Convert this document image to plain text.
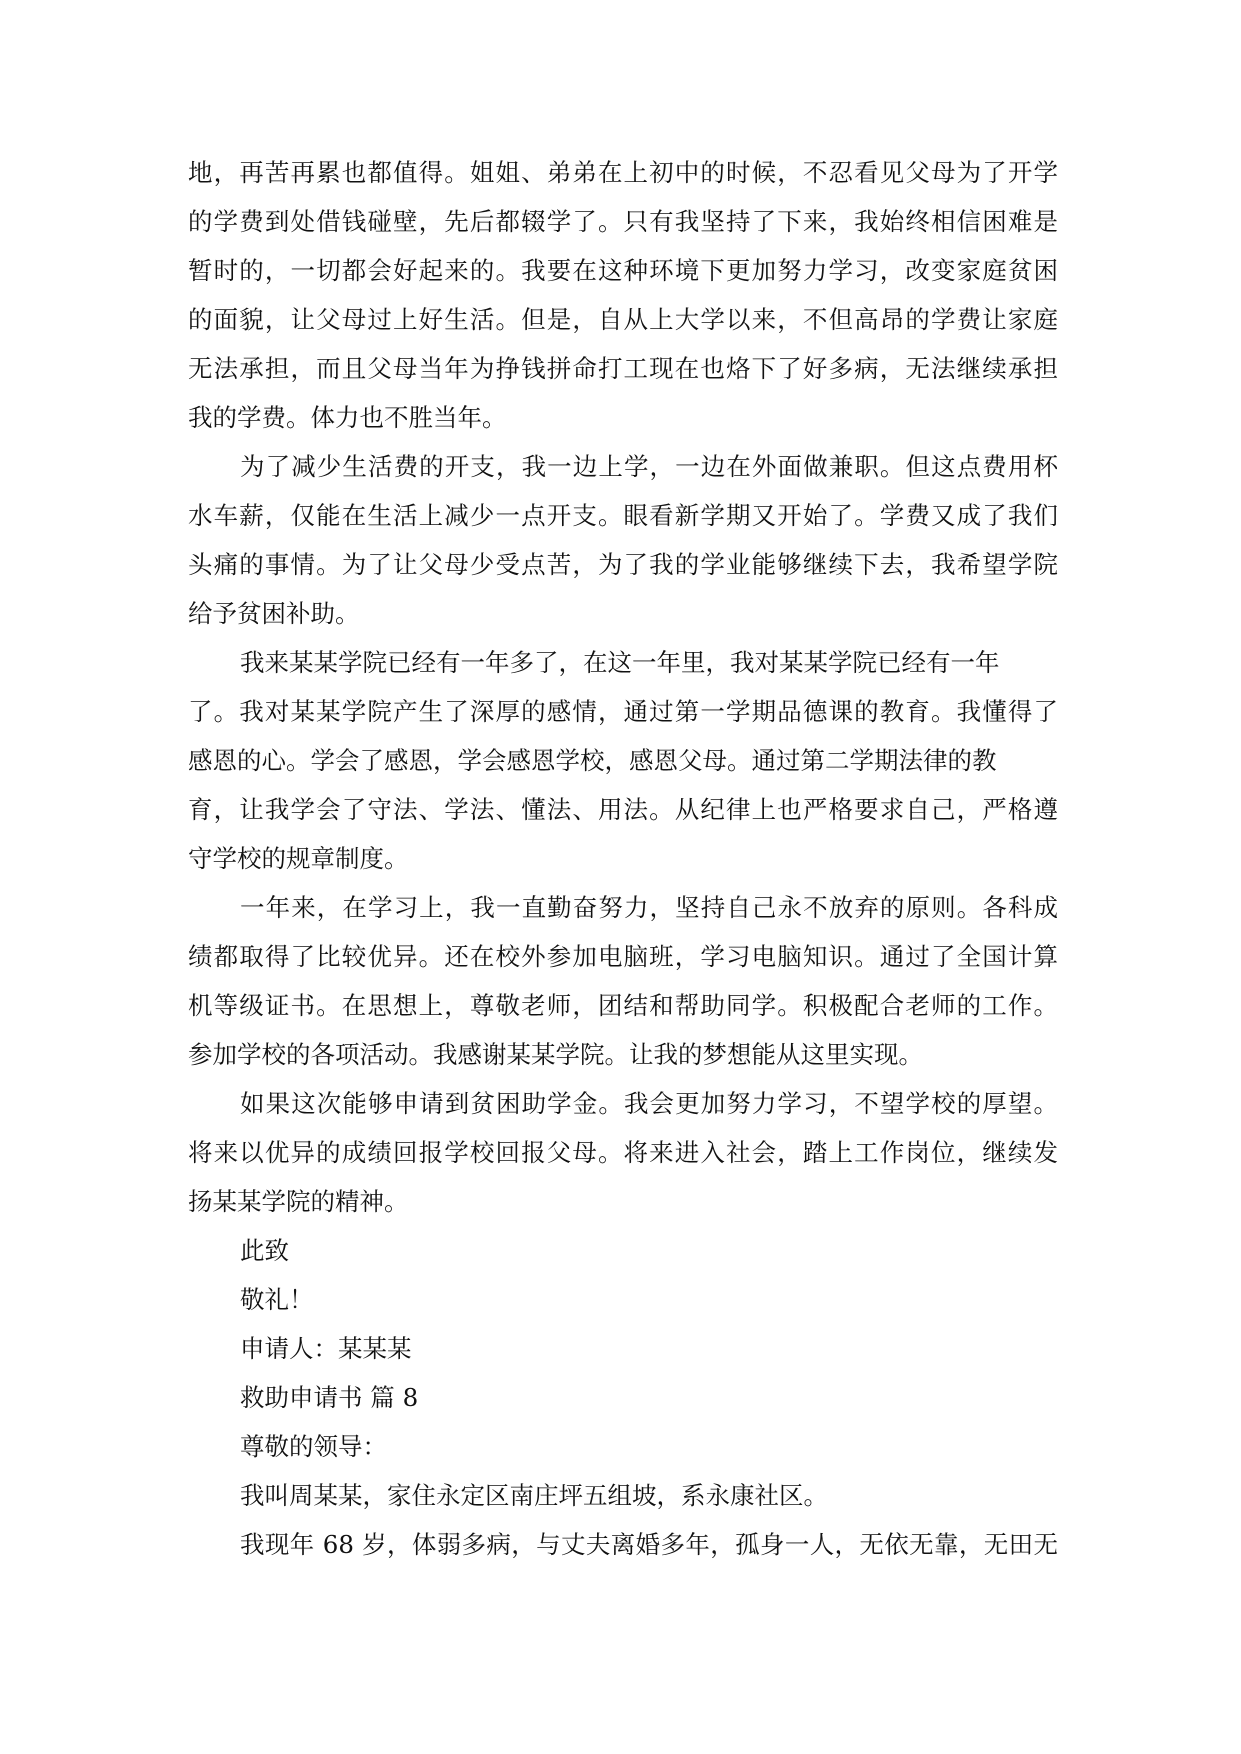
地，再苦再累也都值得。姐姐、弟弟在上初中的时候，不忍看见父母为了开学
的学费到处借钱碰壁，先后都辍学了。只有我坚持了下来，我始终相信困难是
暂时的，一切都会好起来的。我要在这种环境下更加努力学习，改变家庭贫困
的面貌，让父母过上好生活。但是，自从上大学以来，不但高昂的学费让家庭
无法承担，而且父母当年为挣钱拼命打工现在也烙下了好多病，无法继续承担
我的学费。体力也不胜当年。
为了减少生活费的开支，我一边上学，一边在外面做兼职。但这点费用杯
水车薪，仅能在生活上减少一点开支。眼看新学期又开始了。学费又成了我们
头痛的事情。为了让父母少受点苦，为了我的学业能够继续下去，我希望学院
给予贫困补助。
我来某某学院已经有一年多了，在这一年里，我对某某学院已经有一年
了。我对某某学院产生了深厚的感情，通过第一学期品德课的教育。我懂得了
感恩的心。学会了感恩，学会感恩学校，感恩父母。通过第二学期法律的教
育，让我学会了守法、学法、懂法、用法。从纪律上也严格要求自己，严格遵
守学校的规章制度。
一年来，在学习上，我一直勤奋努力，坚持自己永不放弃的原则。各科成
绩都取得了比较优异。还在校外参加电脑班，学习电脑知识。通过了全国计算
机等级证书。在思想上，尊敬老师，团结和帮助同学。积极配合老师的工作。
参加学校的各项活动。我感谢某某学院。让我的梦想能从这里实现。
如果这次能够申请到贫困助学金。我会更加努力学习，不望学校的厚望。
将来以优异的成绩回报学校回报父母。将来进入社会，踏上工作岗位，继续发
扬某某学院的精神。
此致
敬礼！
申请人：某某某
救助申请书 篇 8
尊敬的领导：
我叫周某某，家住永定区南庄坪五组坡，系永康社区。
我现年 68 岁，体弱多病，与丈夫离婚多年，孤身一人，无依无靠，无田无
